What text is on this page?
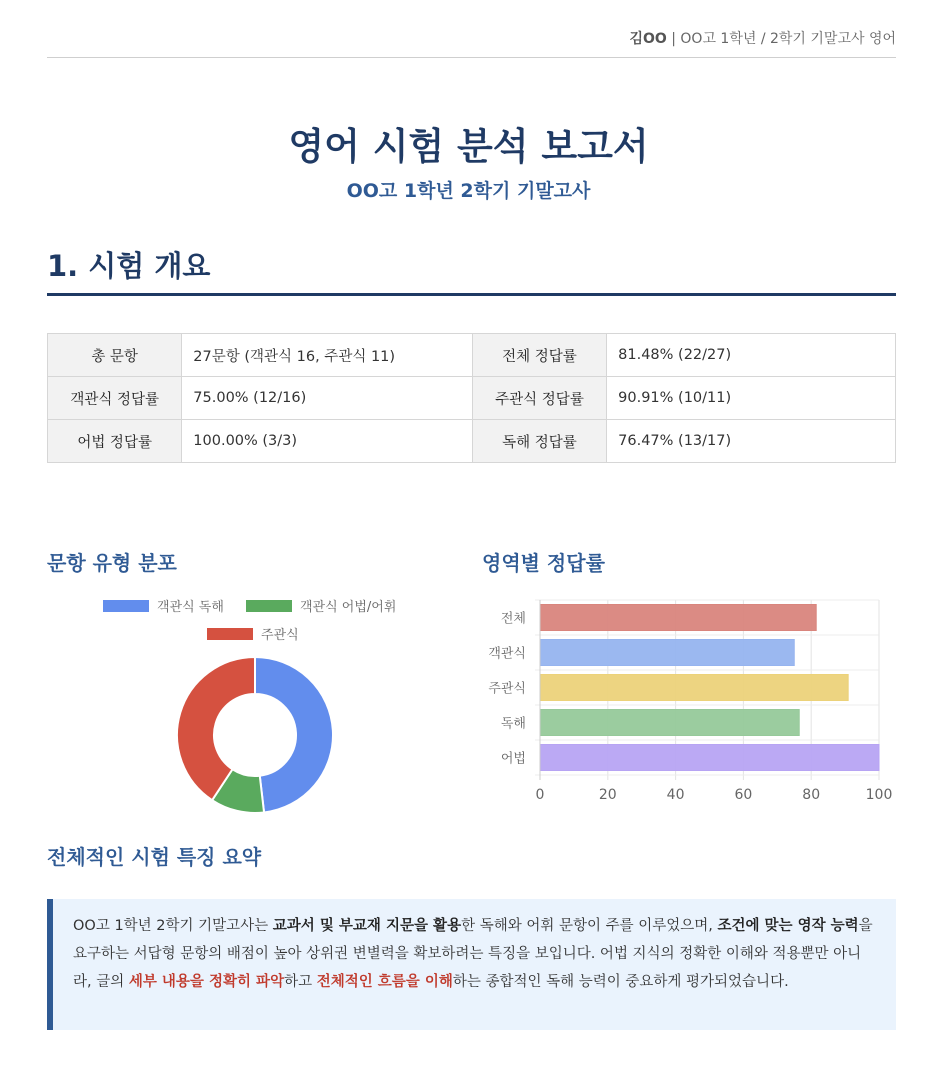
김OO | OO고 1학년 / 2학기 기말고사 영어
영어 시험 분석 보고서
OO고 1학년 2학기 기말고사
1. 시험 개요
총 문항	27문항 (객관식 16, 주관식 11)	전체 정답률	81.48% (22/27)
객관식 정답률	75.00% (12/16)	주관식 정답률	90.91% (10/11)
어법 정답률	100.00% (3/3)	독해 정답률	76.47% (13/17)
문항 유형 분포	영역별 정답률
객관식 독해	객관식 어법/어휘
주관식
0	20	40	60	80	100
전체
객관식
주관식
독해
어법
전체적인 시험 특징 요약
OO고 1학년 2학기 기말고사는 교과서 및 부교재 지문을 활용한 독해와 어휘 문항이 주를 이루었으며, 조건에 맞는 영작 능력을 요구하는 서답형 문항의 배점이 높아 상위권 변별력을 확보하려는 특징을 보입니다. 어법 지식의 정확한 이해와 적용뿐만 아니라, 글의 세부 내용을 정확히 파악하고 전체적인 흐름을 이해하는 종합적인 독해 능력이 중요하게 평가되었습니다.
